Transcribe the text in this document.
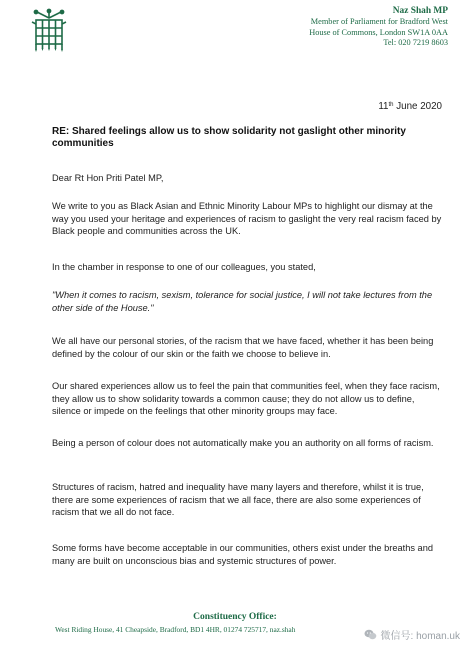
Naz Shah MP
Member of Parliament for Bradford West
House of Commons, London SW1A 0AA
Tel: 020 7219 8603
11th June 2020
RE: Shared feelings allow us to show solidarity not gaslight other minority communities

Dear Rt Hon Priti Patel MP,

We write to you as Black Asian and Ethnic Minority Labour MPs to highlight our dismay at the way you used your heritage and experiences of racism to gaslight the very real racism faced by Black people and communities across the UK.

In the chamber in response to one of our colleagues, you stated,

"When it comes to racism, sexism, tolerance for social justice, I will not take lectures from the other side of the House."

We all have our personal stories, of the racism that we have faced, whether it has been being defined by the colour of our skin or the faith we choose to believe in.

Our shared experiences allow us to feel the pain that communities feel, when they face racism, they allow us to show solidarity towards a common cause; they do not allow us to define, silence or impede on the feelings that other minority groups may face.

Being a person of colour does not automatically make you an authority on all forms of racism.

Structures of racism, hatred and inequality have many layers and therefore, whilst it is true, there are some experiences of racism that we all face, there are also some experiences of racism that we all do not face.

Some forms have become acceptable in our communities, others exist under the breaths and many are built on unconscious bias and systemic structures of power.

Constituency Office:
West Riding House, 41 Cheapside, Bradford, BD1 4HR, 01274 725717, naz.shah
微信号: homan.uk
